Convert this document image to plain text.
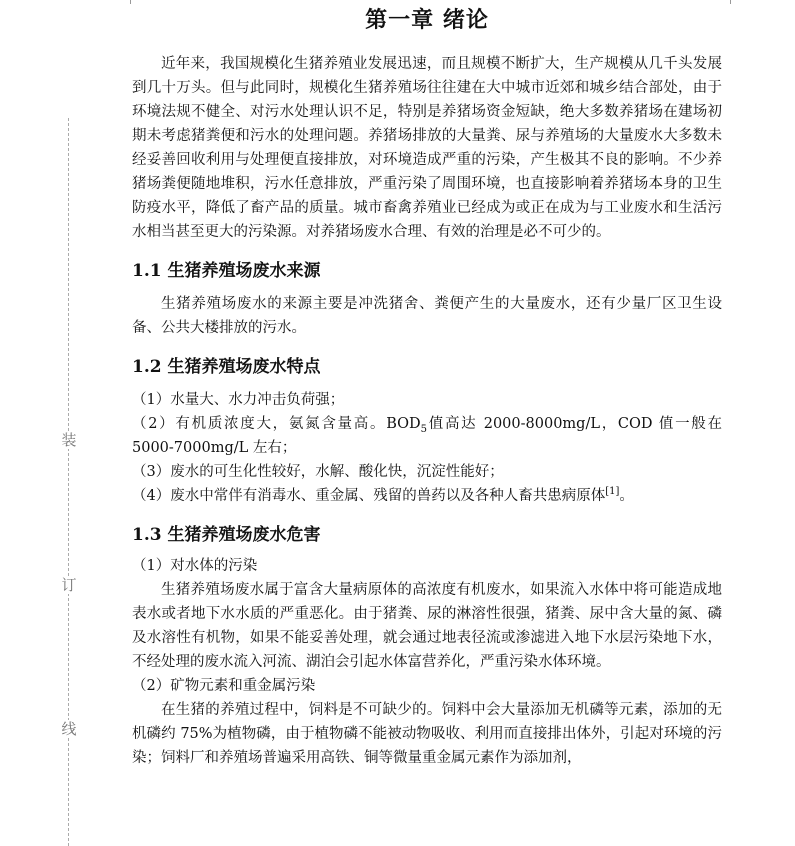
装
订
线
第一章 绪论

近年来，我国规模化生猪养殖业发展迅速，而且规模不断扩大，生产规模从几千头发展到几十万头。但与此同时，规模化生猪养殖场往往建在大中城市近郊和城乡结合部处，由于环境法规不健全、对污水处理认识不足，特别是养猪场资金短缺，绝大多数养猪场在建场初期未考虑猪粪便和污水的处理问题。养猪场排放的大量粪、尿与养殖场的大量废水大多数未经妥善回收利用与处理便直接排放，对环境造成严重的污染，产生极其不良的影响。不少养猪场粪便随地堆积，污水任意排放，严重污染了周围环境，也直接影响着养猪场本身的卫生防疫水平，降低了畜产品的质量。城市畜禽养殖业已经成为或正在成为与工业废水和生活污水相当甚至更大的污染源。对养猪场废水合理、有效的治理是必不可少的。

1.1 生猪养殖场废水来源

生猪养殖场废水的来源主要是冲洗猪舍、粪便产生的大量废水，还有少量厂区卫生设备、公共大楼排放的污水。

1.2 生猪养殖场废水特点

（1）水量大、水力冲击负荷强；

（2）有机质浓度大，氨氮含量高。$BOD_5$值高达 2000-8000mg/L，COD 值一般在 5000-7000mg/L 左右；

（3）废水的可生化性较好，水解、酸化快，沉淀性能好；

（4）废水中常伴有消毒水、重金属、残留的兽药以及各种人畜共患病原体[1]。

1.3 生猪养殖场废水危害

（1）对水体的污染

生猪养殖场废水属于富含大量病原体的高浓度有机废水，如果流入水体中将可能造成地表水或者地下水水质的严重恶化。由于猪粪、尿的淋溶性很强，猪粪、尿中含大量的氮、磷及水溶性有机物，如果不能妥善处理，就会通过地表径流或渗滤进入地下水层污染地下水，不经处理的废水流入河流、湖泊会引起水体富营养化，严重污染水体环境。

（2）矿物元素和重金属污染

在生猪的养殖过程中，饲料是不可缺少的。饲料中会大量添加无机磷等元素，添加的无机磷约 75%为植物磷，由于植物磷不能被动物吸收、利用而直接排出体外，引起对环境的污染；饲料厂和养殖场普遍采用高铁、铜等微量重金属元素作为添加剂，
